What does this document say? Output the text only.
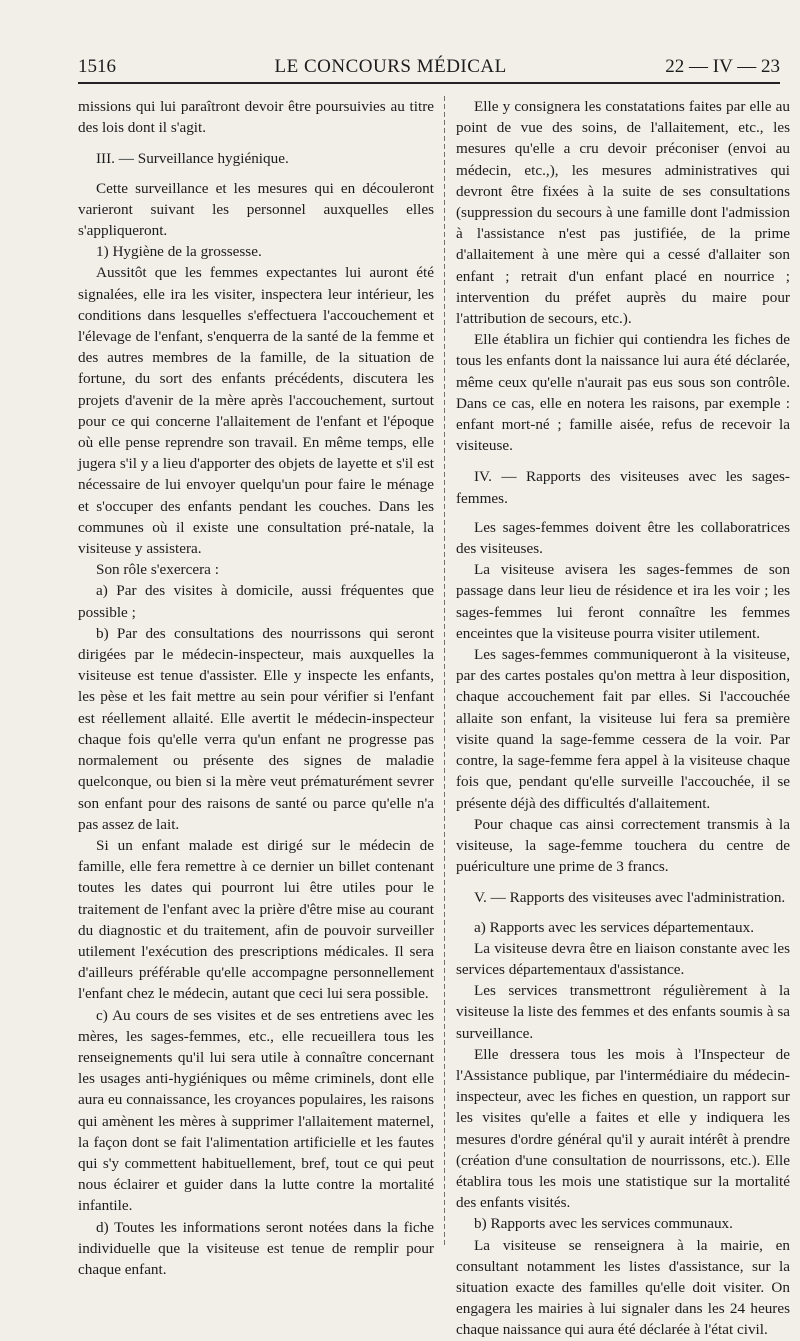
1516	LE CONCOURS MÉDICAL	22 — IV — 23

missions qui lui paraîtront devoir être poursuivies au titre des lois dont il s'agit.

III. — Surveillance hygiénique.

Cette surveillance et les mesures qui en découleront varieront suivant les personnel auxquelles elles s'appliqueront.

1) Hygiène de la grossesse.

Aussitôt que les femmes expectantes lui auront été signalées, elle ira les visiter, inspectera leur intérieur, les conditions dans lesquelles s'effectuera l'accouchement et l'élevage de l'enfant, s'enquerra de la santé de la femme et des autres membres de la famille, de la situation de fortune, du sort des enfants précédents, discutera les projets d'avenir de la mère après l'accouchement, surtout pour ce qui concerne l'allaitement de l'enfant et l'époque où elle pense reprendre son travail. En même temps, elle jugera s'il y a lieu d'apporter des objets de layette et s'il est nécessaire de lui envoyer quelqu'un pour faire le ménage et s'occuper des enfants pendant les couches. Dans les communes où il existe une consultation pré-natale, la visiteuse y assistera.

Son rôle s'exercera :

a) Par des visites à domicile, aussi fréquentes que possible ;

b) Par des consultations des nourrissons qui seront dirigées par le médecin-inspecteur, mais auxquelles la visiteuse est tenue d'assister. Elle y inspecte les enfants, les pèse et les fait mettre au sein pour vérifier si l'enfant est réellement allaité. Elle avertit le médecin-inspecteur chaque fois qu'elle verra qu'un enfant ne progresse pas normalement ou présente des signes de maladie quelconque, ou bien si la mère veut prématurément sevrer son enfant pour des raisons de santé ou parce qu'elle n'a pas assez de lait.

Si un enfant malade est dirigé sur le médecin de famille, elle fera remettre à ce dernier un billet contenant toutes les dates qui pourront lui être utiles pour le traitement de l'enfant avec la prière d'être mise au courant du diagnostic et du traitement, afin de pouvoir surveiller utilement l'exécution des prescriptions médicales. Il sera d'ailleurs préférable qu'elle accompagne personnellement l'enfant chez le médecin, autant que ceci lui sera possible.

c) Au cours de ses visites et de ses entretiens avec les mères, les sages-femmes, etc., elle recueillera tous les renseignements qu'il lui sera utile à connaître concernant les usages anti-hygiéniques ou même criminels, dont elle aura eu connaissance, les croyances populaires, les raisons qui amènent les mères à supprimer l'allaitement maternel, la façon dont se fait l'alimentation artificielle et les fautes qui s'y commettent habituellement, bref, tout ce qui peut nous éclairer et guider dans la lutte contre la mortalité infantile.

d) Toutes les informations seront notées dans la fiche individuelle que la visiteuse est tenue de remplir pour chaque enfant.

Elle y consignera les constatations faites par elle au point de vue des soins, de l'allaitement, etc., les mesures qu'elle a cru devoir préconiser (envoi au médecin, etc.,), les mesures administratives qui devront être fixées à la suite de ses consultations (suppression du secours à une famille dont l'admission à l'assistance n'est pas justifiée, de la prime d'allaitement à une mère qui a cessé d'allaiter son enfant ; retrait d'un enfant placé en nourrice ; intervention du préfet auprès du maire pour l'attribution de secours, etc.).

Elle établira un fichier qui contiendra les fiches de tous les enfants dont la naissance lui aura été déclarée, même ceux qu'elle n'aurait pas eus sous son contrôle. Dans ce cas, elle en notera les raisons, par exemple : enfant mort-né ; famille aisée, refus de recevoir la visiteuse.

IV. — Rapports des visiteuses avec les sages-femmes.

Les sages-femmes doivent être les collaboratrices des visiteuses.

La visiteuse avisera les sages-femmes de son passage dans leur lieu de résidence et ira les voir ; les sages-femmes lui feront connaître les femmes enceintes que la visiteuse pourra visiter utilement.

Les sages-femmes communiqueront à la visiteuse, par des cartes postales qu'on mettra à leur disposition, chaque accouchement fait par elles. Si l'accouchée allaite son enfant, la visiteuse lui fera sa première visite quand la sage-femme cessera de la voir. Par contre, la sage-femme fera appel à la visiteuse chaque fois que, pendant qu'elle surveille l'accouchée, il se présente déjà des difficultés d'allaitement.

Pour chaque cas ainsi correctement transmis à la visiteuse, la sage-femme touchera du centre de puériculture une prime de 3 francs.

V. — Rapports des visiteuses avec l'administration.

a) Rapports avec les services départementaux.

La visiteuse devra être en liaison constante avec les services départementaux d'assistance.

Les services transmettront régulièrement à la visiteuse la liste des femmes et des enfants soumis à sa surveillance.

Elle dressera tous les mois à l'Inspecteur de l'Assistance publique, par l'intermédiaire du médecin-inspecteur, avec les fiches en question, un rapport sur les visites qu'elle a faites et elle y indiquera les mesures d'ordre général qu'il y aurait intérêt à prendre (création d'une consultation de nourrissons, etc.). Elle établira tous les mois une statistique sur la mortalité des enfants visités.

b) Rapports avec les services communaux.

La visiteuse se renseignera à la mairie, en consultant notamment les listes d'assistance, sur la situation exacte des familles qu'elle doit visiter. On engagera les mairies à lui signaler dans les 24 heures chaque naissance qui aura été déclarée à l'état civil.
